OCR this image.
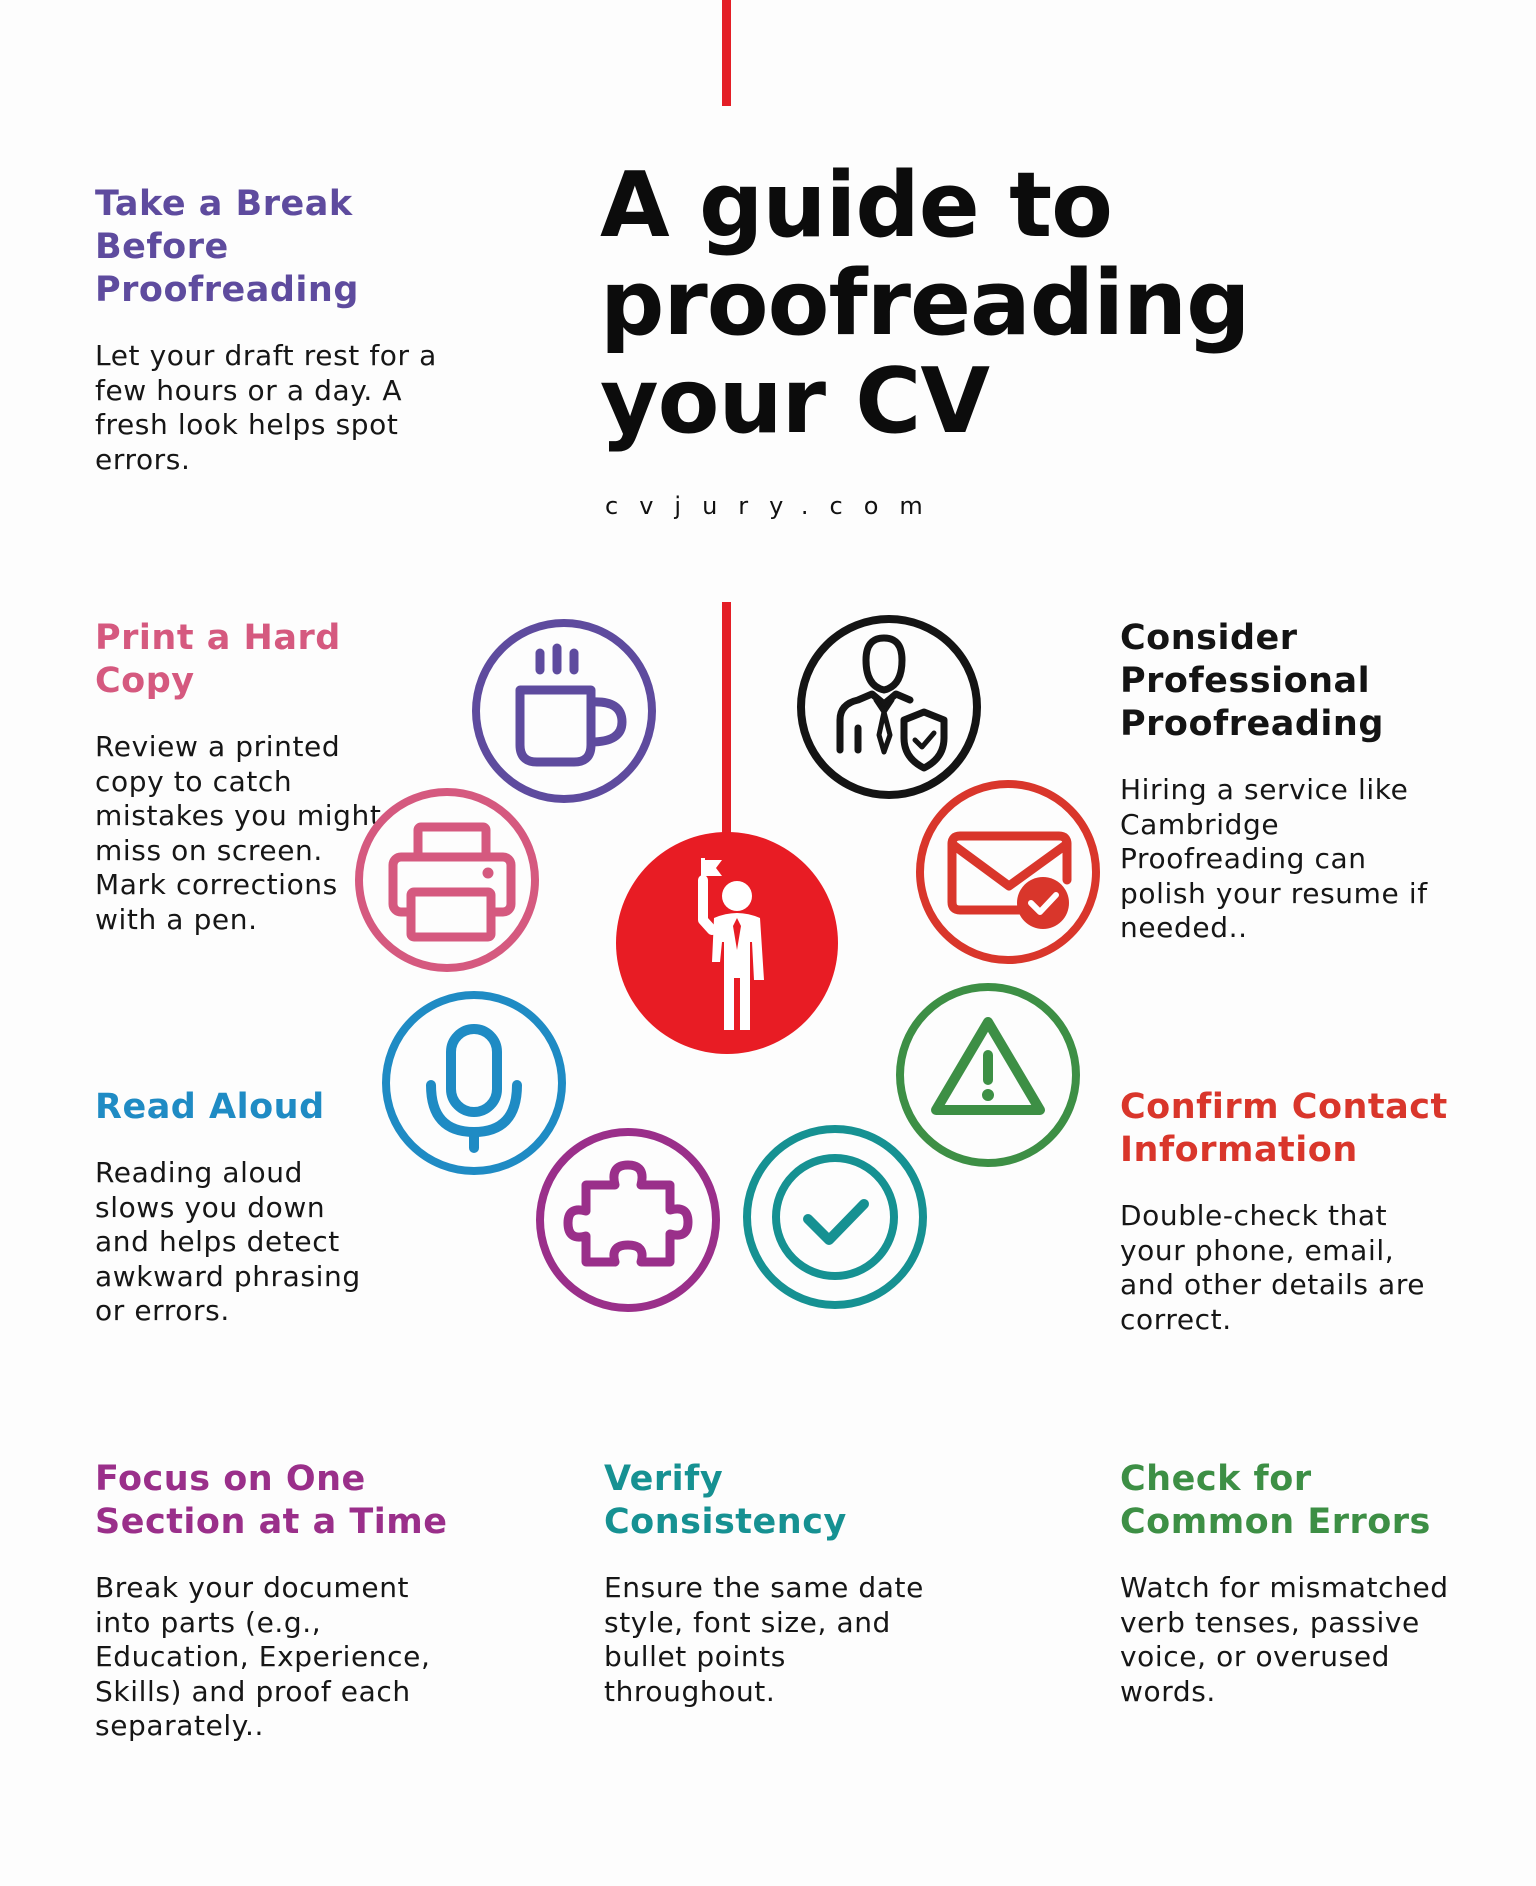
A guide to
proofreading
your CV

cvjury.com

Take a Break
Before
Proofreading

Let your draft rest for a
few hours or a day. A
fresh look helps spot
errors.

Print a Hard
Copy

Review a printed
copy to catch
mistakes you might
miss on screen.
Mark corrections
with a pen.

Read Aloud

Reading aloud
slows you down
and helps detect
awkward phrasing
or errors.

Focus on One
Section at a Time

Break your document
into parts (e.g.,
Education, Experience,
Skills) and proof each
separately..

Verify
Consistency

Ensure the same date
style, font size, and
bullet points
throughout.

Check for
Common Errors

Watch for mismatched
verb tenses, passive
voice, or overused
words.

Confirm Contact
Information

Double-check that
your phone, email,
and other details are
correct.

Consider
Professional
Proofreading

Hiring a service like
Cambridge
Proofreading can
polish your resume if
needed..
